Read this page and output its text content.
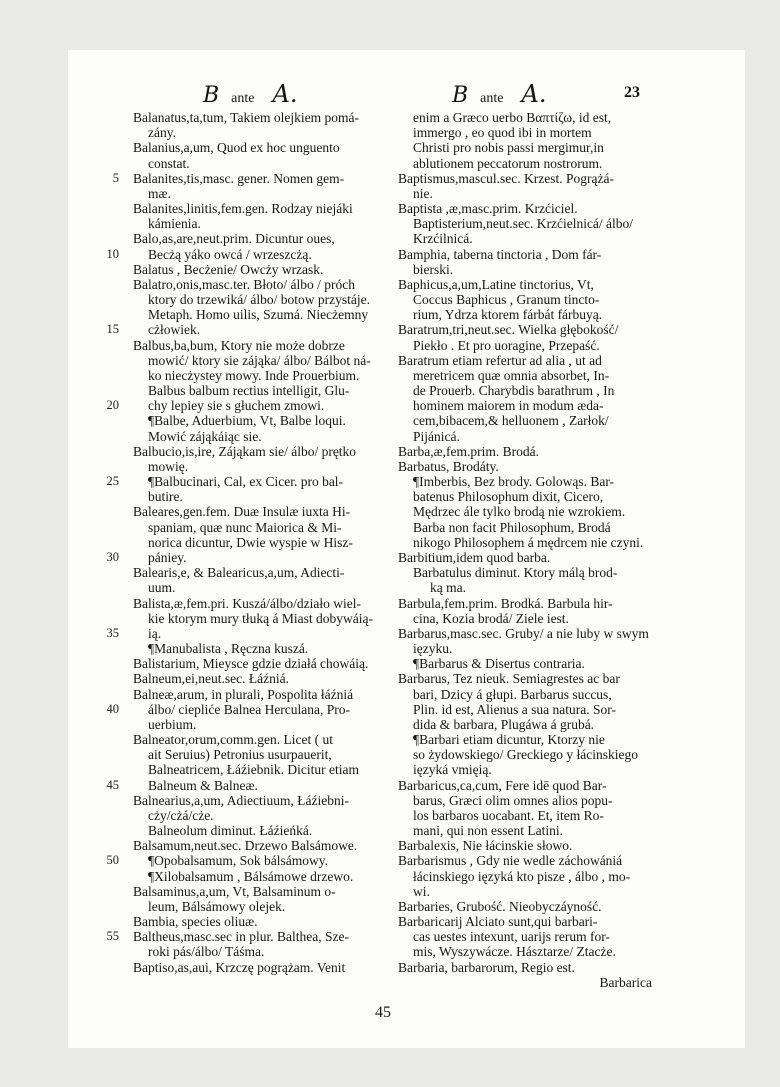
Bante A.	Bante A.	23
Balanatus,ta,tum, Takiem olejkiem pomá-
zány.
Balanius,a,um, Quod ex hoc unguento
constat.
Balanites,tis,masc. gener. Nomen gem-
5
mæ.
Balanites,linitis,fem.gen. Rodzay niejáki
kámienia.
Balo,as,are,neut.prim. Dicuntur oues,
Becżą yáko owcá / wrzeszcżą.
10
Balatus , Becżenie/ Owcży wrzask.
Balatro,onis,masc.ter. Błoto/ álbo / próch
ktory do trzewiká/ álbo/ botow przystáje.
Metaph. Homo uilis, Szumá. Niecżemny
cżłowiek.
15
Balbus,ba,bum, Ktory nie może dobrze
mowić/ ktory sie zájąka/ álbo/ Bálbot ná-
ko niecżystey mowy. Inde Prouerbium.
Balbus balbum rectius intelligit, Glu-
chy lepiey sie s głuchem zmowi.
20
¶Balbe, Aduerbium, Vt, Balbe loqui.
Mowić zájąkáiąc sie.
Balbucio,is,ire, Zájąkam sie/ álbo/ prętko
mowię.
¶Balbucinari, Cal, ex Cicer. pro bal-
25
butire.
Baleares,gen.fem. Duæ Insulæ iuxta Hi-
spaniam, quæ nunc Maiorica & Mi-
norica dicuntur, Dwie wyspie w Hisz-
pániey.
30
Balearis,e, & Balearicus,a,um, Adiecti-
uum.
Balista,æ,fem.pri. Kuszá/álbo/działo wiel-
kie ktorym mury tłuką á Miast dobywáią-
ią.
35
¶Manubalista , Ręczna kuszá.
Balistarium, Mieysce gdzie działá chowáią.
Balneum,ei,neut.sec. Łáźniá.
Balneæ,arum, in plurali, Pospolita łáźniá
álbo/ ciepliće Balnea Herculana, Pro-
40
uerbium.
Balneator,orum,comm.gen. Licet ( ut
ait Seruius) Petronius usurpauerit,
Balneatricem, Łáźiebnik. Dicitur etiam
Balneum & Balneæ.
45
Balnearius,a,um, Adiectiuum, Łáźiebni-
cży/cżá/cże.
Balneolum diminut. Łáźieńká.
Balsamum,neut.sec. Drzewo Balsámowe.
¶Opobalsamum, Sok bálsámowy.
50
¶Xilobalsamum , Bálsámowe drzewo.
Balsaminus,a,um, Vt, Balsaminum o-
leum, Bálsámowy olejek.
Bambia, species oliuæ.
Baltheus,masc.sec in plur. Balthea, Sze-
55
roki pás/álbo/ Táśma.
Baptiso,as,aui, Krzczę pogrążam. Venit
enim a Græco uerbo Βαπτίζω, id est,
immergo , eo quod ibi in mortem
Christi pro nobis passi mergimur,in
ablutionem peccatorum nostrorum.
Baptismus,mascul.sec. Krzest. Pogrążá-
nie.
Baptista ,æ,masc.prim. Krzćiciel.
Baptisterium,neut.sec. Krzćielnicá/ álbo/
Krzćilnicá.
Bamphia, taberna tinctoria , Dom fár-
bierski.
Baphicus,a,um,Latine tinctorius, Vt,
Coccus Baphicus , Granum tincto-
rium, Ydrza ktorem fárbát fárbuyą.
Baratrum,tri,neut.sec. Wielka głębokość/
Piekło . Et pro uoragine, Przepaść.
Baratrum etiam refertur ad alia , ut ad
meretricem quæ omnia absorbet, In-
de Prouerb. Charybdis barathrum , In
hominem maiorem in modum æda-
cem,bibacem,& helluonem , Zarłok/
Pijánicá.
Barba,æ,fem.prim. Brodá.
Barbatus, Brodáty.
¶Imberbis, Bez brody. Golowąs. Bar-
batenus Philosophum dixit, Cicero,
Mędrzec ále tylko brodą nie wzrokiem.
Barba non facit Philosophum, Brodá
nikogo Philosophem á mędrcem nie czyni.
Barbitium,idem quod barba.
Barbatulus diminut. Ktory málą brod-
ką ma.
Barbula,fem.prim. Brodká. Barbula hir-
cina, Kozia brodá/ Ziele iest.
Barbarus,masc.sec. Gruby/ a nie luby w swym
ięzyku.
¶Barbarus & Disertus contraria.
Barbarus, Tez nieuk. Semiagrestes ac bar
bari, Dzicy á głupi. Barbarus succus,
Plin. id est, Alienus a sua natura. Sor-
dida & barbara, Plugáwa á grubá.
¶Barbari etiam dicuntur, Ktorzy nie
so żydowskiego/ Greckiego y łácinskiego
ięzyká vmięią.
Barbaricus,ca,cum, Fere idē quod Bar-
barus, Græci olim omnes alios popu-
los barbaros uocabant. Et, item Ro-
mani, qui non essent Latini.
Barbalexis, Nie łácinskie słowo.
Barbarismus , Gdy nie wedle záchowániá
łácinskiego ięzyká kto pisze , álbo , mo-
wi.
Barbaries, Grubość. Nieobyczáyność.
Barbaricarij Alciato sunt,qui barbari-
cas uestes intexunt, uarijs rerum for-
mis, Wyszywácze. Hásztarze/ Ztacże.
Barbaria, barbarorum, Regio est.
Barbarica
45
